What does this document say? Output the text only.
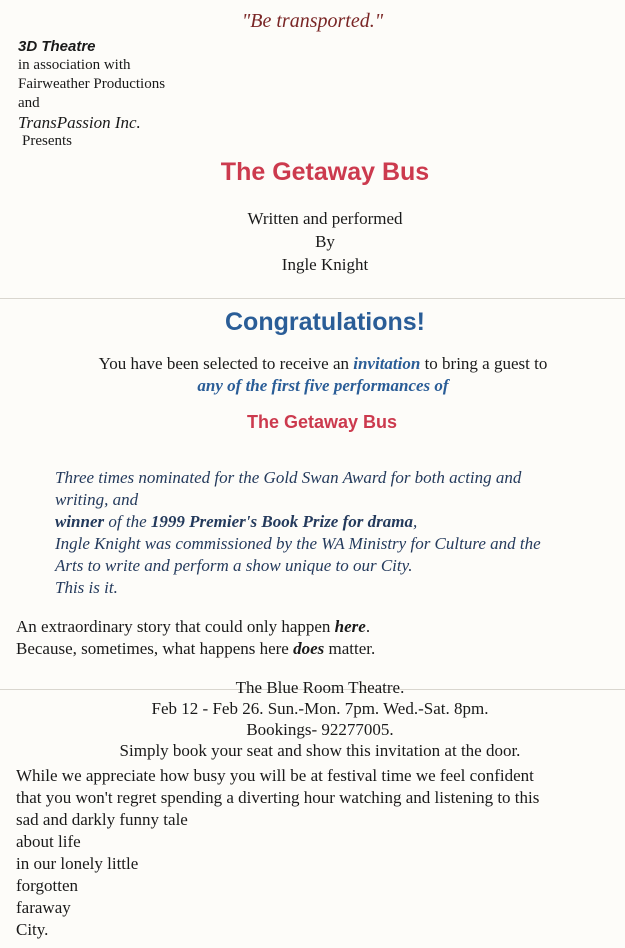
"Be transported."
3D Theatre
in association with
Fairweather Productions
and
TransPassion Inc.
Presents
The Getaway Bus
Written and performed
By
Ingle Knight
Congratulations!
You have been selected to receive an invitation to bring a guest to
any of the first five performances of
The Getaway Bus
Three times nominated for the Gold Swan Award for both acting and
writing, and
winner of the 1999 Premier's Book Prize for drama,
Ingle Knight was commissioned by the WA Ministry for Culture and the
Arts to write and perform a show unique to our City.
This is it.
An extraordinary story that could only happen here.
Because, sometimes, what happens here does matter.
The Blue Room Theatre.
Feb 12 - Feb 26. Sun.-Mon. 7pm. Wed.-Sat. 8pm.
Bookings- 92277005.
Simply book your seat and show this invitation at the door.
While we appreciate how busy you will be at festival time we feel confident
that you won't regret spending a diverting hour watching and listening to this
sad and darkly funny tale
about life
in our lonely little
forgotten
faraway
City.
